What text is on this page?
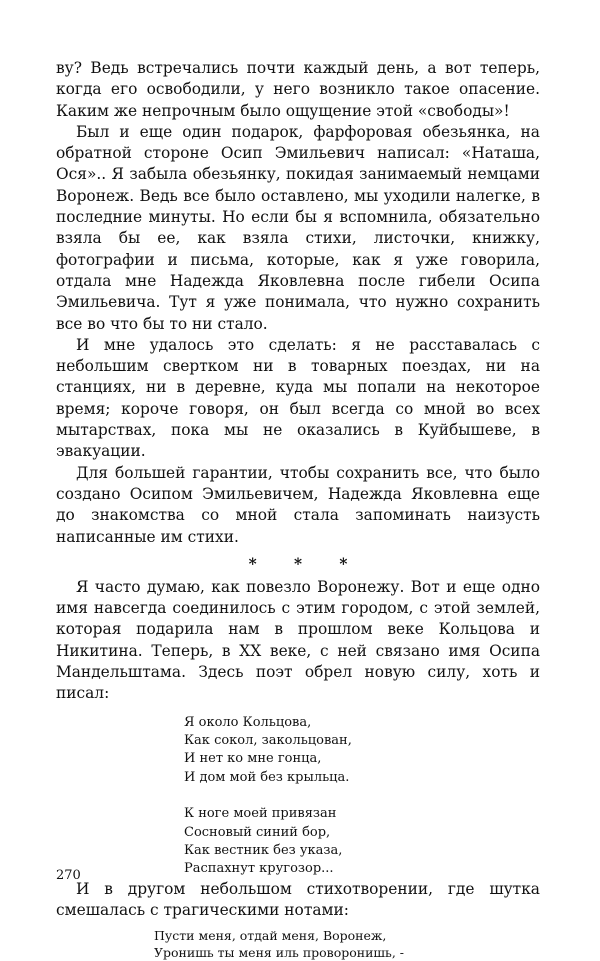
ву? Ведь встречались почти каждый день, а вот теперь, когда его освободили, у него возникло такое опасение. Каким же непрочным было ощущение этой «свободы»!

Был и еще один подарок, фарфоровая обезьянка, на обратной стороне Осип Эмильевич написал: «Наташа, Ося».. Я забыла обезьянку, покидая занимаемый немцами Воронеж. Ведь все было оставлено, мы уходили налегке, в последние минуты. Но если бы я вспомнила, обязательно взяла бы ее, как взяла стихи, листочки, книжку, фотографии и письма, которые, как я уже говорила, отдала мне Надежда Яковлевна после гибели Осипа Эмильевича. Тут я уже понимала, что нужно сохранить все во что бы то ни стало.

И мне удалось это сделать: я не расставалась с небольшим свертком ни в товарных поездах, ни на станциях, ни в деревне, куда мы попали на некоторое время; короче говоря, он был всегда со мной во всех мытарствах, пока мы не оказались в Куйбышеве, в эвакуации.

Для большей гарантии, чтобы сохранить все, что было создано Осипом Эмильевичем, Надежда Яковлевна еще до знакомства со мной стала запоминать наизусть написанные им стихи.

* * *

Я часто думаю, как повезло Воронежу. Вот и еще одно имя навсегда соединилось с этим городом, с этой землей, которая подарила нам в прошлом веке Кольцова и Никитина. Теперь, в XX веке, с ней связано имя Осипа Мандельштама. Здесь поэт обрел новую силу, хоть и писал:

Я около Кольцова,
Как сокол, закольцован,
И нет ко мне гонца,
И дом мой без крыльца.
К ноге моей привязан
Сосновый синий бор,
Как вестник без указа,
Распахнут кругозор...

И в другом небольшом стихотворении, где шутка смешалась с трагическими нотами:

Пусти меня, отдай меня, Воронеж,
Уронишь ты меня иль проворонишь, -
270
